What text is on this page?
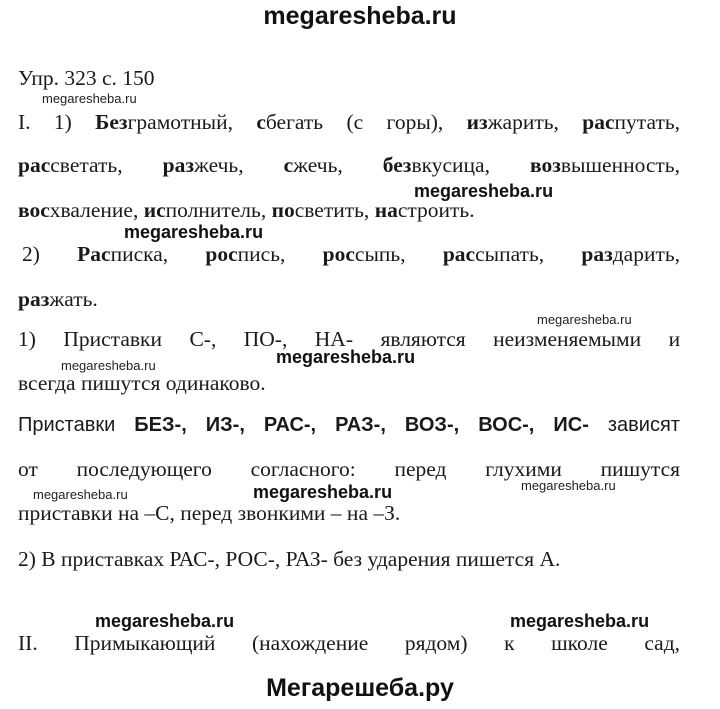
megaresheba.ru
Упр. 323 с. 150
I. 1) Безграмотный, сбегать (с горы), изжарить, распутать,
рассветать, разжечь, сжечь, безвкусица, возвышенность,
восхваление, исполнитель, посветить, настроить.
2) Расписка, роспись, россыпь, рассыпать, раздарить,
разжать.
1) Приставки С-, ПО-, НА- являются неизменяемыми и
всегда пишутся одинаково.
Приставки БЕЗ-, ИЗ-, РАС-, РАЗ-, ВОЗ-, ВОС-, ИС- зависят
от последующего согласного: перед глухими пишутся
приставки на –С, перед звонкими – на –З.
2) В приставках РАС-, РОС-, РАЗ- без ударения пишется А.
II. Примыкающий (нахождение рядом) к школе сад,
megaresheba.ru
megaresheba.ru
megaresheba.ru
megaresheba.ru
megaresheba.ru	megaresheba.ru
megaresheba.ru	megaresheba.ru	megaresheba.ru
megaresheba.ru	megaresheba.ru
Мегарешеба.ру
